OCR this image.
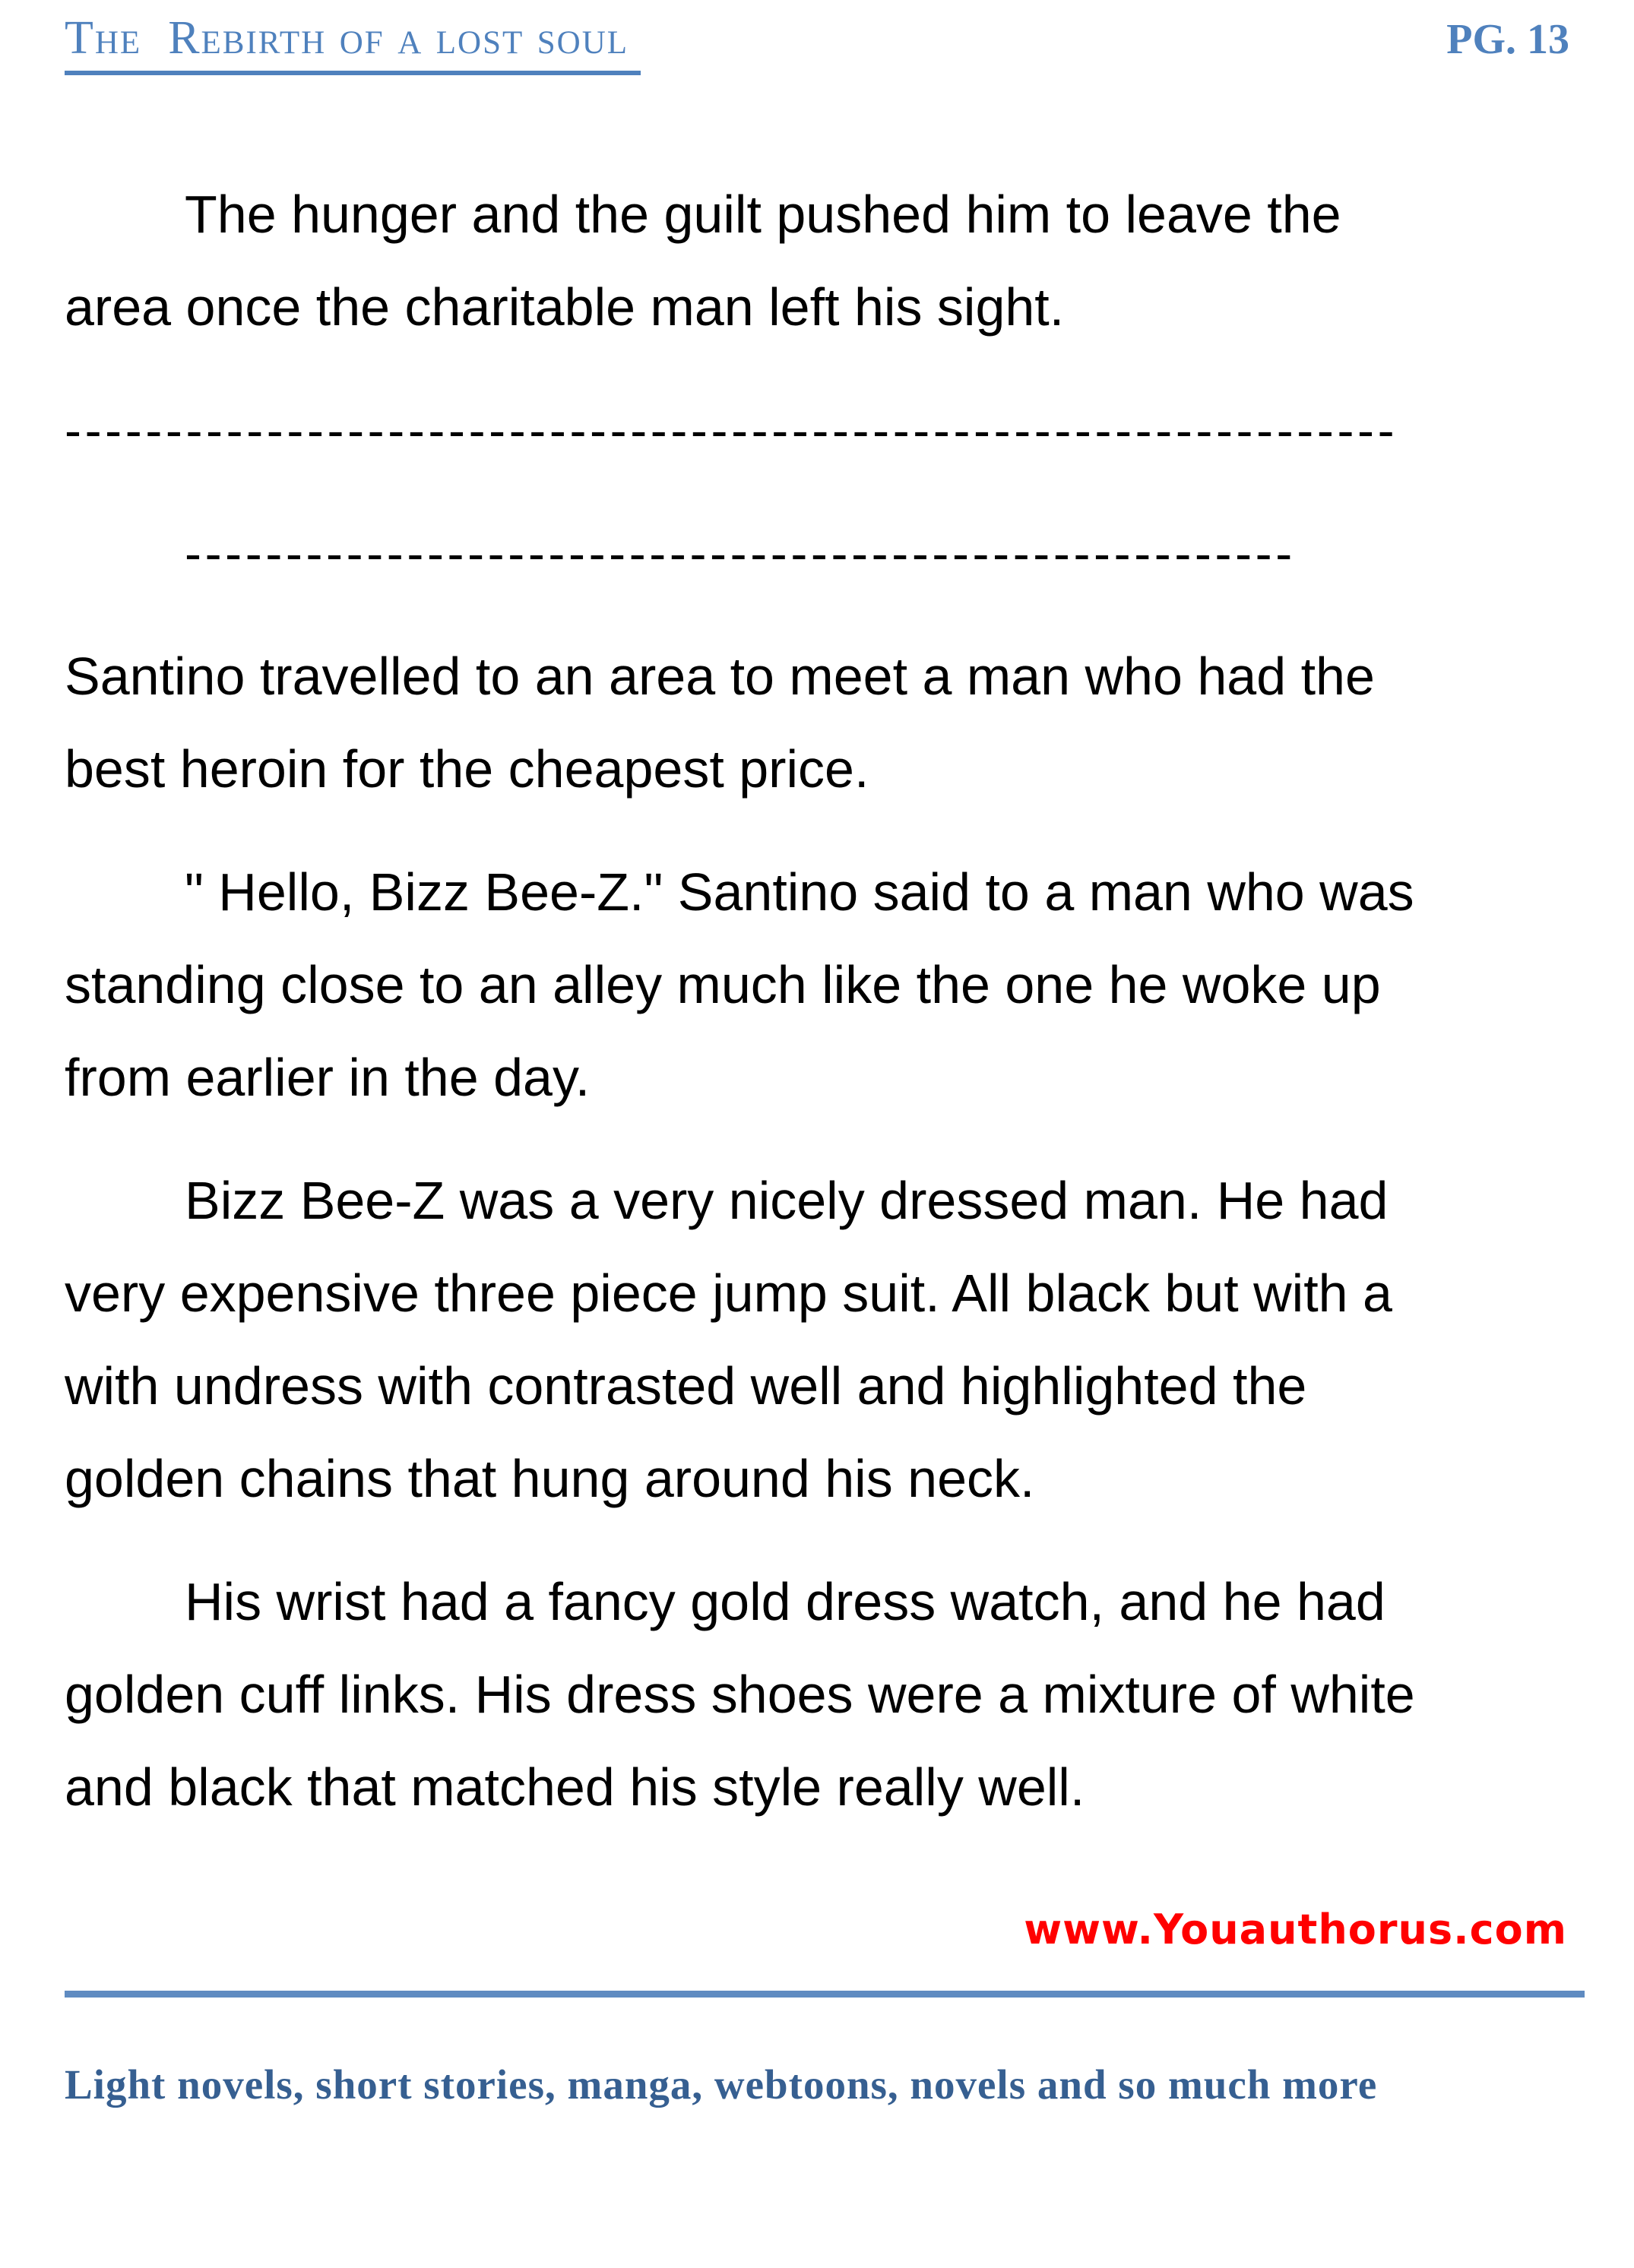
The  Rebirth of a lost soul	PG. 13
The hunger and the guilt pushed him to leave the
area once the charitable man left his sight.
------------------------------------------------------------------
-------------------------------------------------------
Santino travelled to an area to meet a man who had the
best heroin for the cheapest price.
" Hello, Bizz Bee-Z." Santino said to a man who was
standing close to an alley much like the one he woke up
from earlier in the day.
Bizz Bee-Z was a very nicely dressed man. He had
very expensive three piece jump suit. All black but with a
with undress with contrasted well and highlighted the
golden chains that hung around his neck.
His wrist had a fancy gold dress watch, and he had
golden cuff links. His dress shoes were a mixture of white
and black that matched his style really well.
www.Youauthorus.com
Light novels, short stories, manga, webtoons, novels and so much more
